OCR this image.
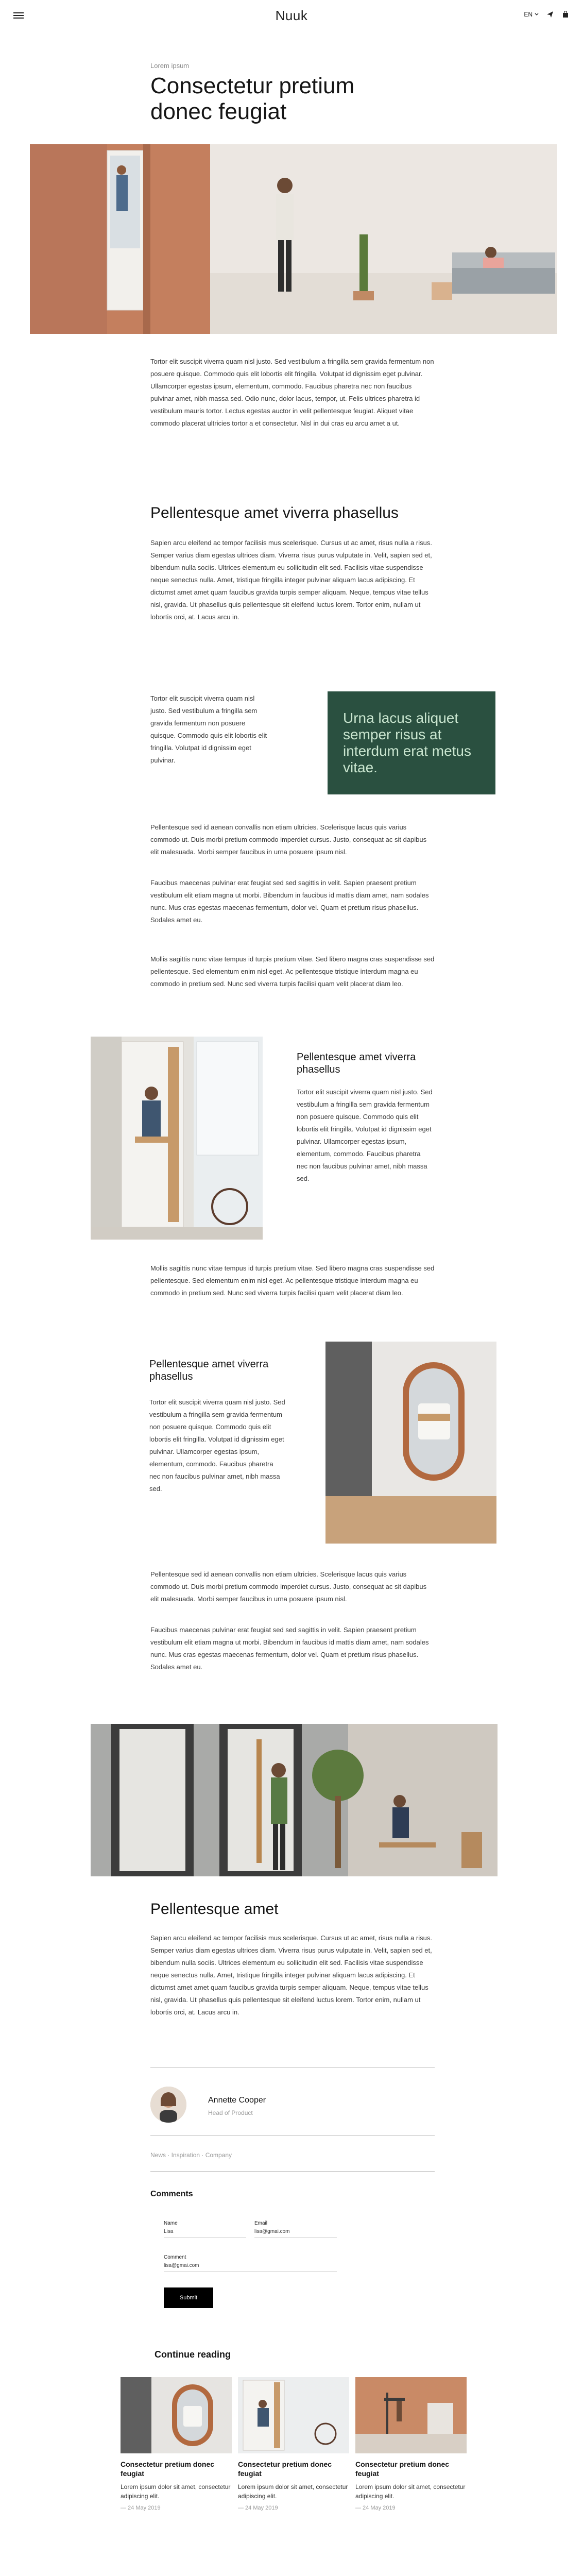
Nuuk	EN
Lorem ipsum
Consectetur pretium donec feugiat

Tortor elit suscipit viverra quam nisl justo. Sed vestibulum a fringilla sem gravida fermentum non posuere quisque. Commodo quis elit lobortis elit fringilla. Volutpat id dignissim eget pulvinar. Ullamcorper egestas ipsum, elementum, commodo. Faucibus pharetra nec non faucibus pulvinar amet, nibh massa sed. Odio nunc, dolor lacus, tempor, ut. Felis ultrices pharetra id vestibulum mauris tortor. Lectus egestas auctor in velit pellentesque feugiat. Aliquet vitae commodo placerat ultricies tortor a et consectetur. Nisl in dui cras eu arcu amet a ut.

Pellentesque amet viverra phasellus

Sapien arcu eleifend ac tempor facilisis mus scelerisque. Cursus ut ac amet, risus nulla a risus. Semper varius diam egestas ultrices diam. Viverra risus purus vulputate in. Velit, sapien sed et, bibendum nulla sociis. Ultrices elementum eu sollicitudin elit sed. Facilisis vitae suspendisse neque senectus nulla. Amet, tristique fringilla integer pulvinar aliquam lacus adipiscing. Et dictumst amet amet quam faucibus gravida turpis semper aliquam. Neque, tempus vitae tellus nisl, gravida. Ut phasellus quis pellentesque sit eleifend luctus lorem. Tortor enim, nullam ut lobortis orci, at. Lacus arcu in.

Tortor elit suscipit viverra quam nisl justo. Sed vestibulum a fringilla sem gravida fermentum non posuere quisque. Commodo quis elit lobortis elit fringilla. Volutpat id dignissim eget pulvinar.

Urna lacus aliquet semper risus at interdum erat metus vitae.

Pellentesque sed id aenean convallis non etiam ultricies. Scelerisque lacus quis varius commodo ut. Duis morbi pretium commodo imperdiet cursus. Justo, consequat ac sit dapibus elit malesuada. Morbi semper faucibus in urna posuere ipsum nisl.

Faucibus maecenas pulvinar erat feugiat sed sed sagittis in velit. Sapien praesent pretium vestibulum elit etiam magna ut morbi. Bibendum in faucibus id mattis diam amet, nam sodales nunc. Mus cras egestas maecenas fermentum, dolor vel. Quam et pretium risus phasellus. Sodales amet eu.

Mollis sagittis nunc vitae tempus id turpis pretium vitae. Sed libero magna cras suspendisse sed pellentesque. Sed elementum enim nisl eget. Ac pellentesque tristique interdum magna eu commodo in pretium sed. Nunc sed viverra turpis facilisi quam velit placerat diam leo.

Pellentesque amet viverra phasellus

Tortor elit suscipit viverra quam nisl justo. Sed vestibulum a fringilla sem gravida fermentum non posuere quisque. Commodo quis elit lobortis elit fringilla. Volutpat id dignissim eget pulvinar. Ullamcorper egestas ipsum, elementum, commodo. Faucibus pharetra nec non faucibus pulvinar amet, nibh massa sed.

Mollis sagittis nunc vitae tempus id turpis pretium vitae. Sed libero magna cras suspendisse sed pellentesque. Sed elementum enim nisl eget. Ac pellentesque tristique interdum magna eu commodo in pretium sed. Nunc sed viverra turpis facilisi quam velit placerat diam leo.

Pellentesque amet viverra phasellus

Tortor elit suscipit viverra quam nisl justo. Sed vestibulum a fringilla sem gravida fermentum non posuere quisque. Commodo quis elit lobortis elit fringilla. Volutpat id dignissim eget pulvinar. Ullamcorper egestas ipsum, elementum, commodo. Faucibus pharetra nec non faucibus pulvinar amet, nibh massa sed.

Pellentesque sed id aenean convallis non etiam ultricies. Scelerisque lacus quis varius commodo ut. Duis morbi pretium commodo imperdiet cursus. Justo, consequat ac sit dapibus elit malesuada. Morbi semper faucibus in urna posuere ipsum nisl.

Faucibus maecenas pulvinar erat feugiat sed sed sagittis in velit. Sapien praesent pretium vestibulum elit etiam magna ut morbi. Bibendum in faucibus id mattis diam amet, nam sodales nunc. Mus cras egestas maecenas fermentum, dolor vel. Quam et pretium risus phasellus. Sodales amet eu.

Pellentesque amet

Sapien arcu eleifend ac tempor facilisis mus scelerisque. Cursus ut ac amet, risus nulla a risus. Semper varius diam egestas ultrices diam. Viverra risus purus vulputate in. Velit, sapien sed et, bibendum nulla sociis. Ultrices elementum eu sollicitudin elit sed. Facilisis vitae suspendisse neque senectus nulla. Amet, tristique fringilla integer pulvinar aliquam lacus adipiscing. Et dictumst amet amet quam faucibus gravida turpis semper aliquam. Neque, tempus vitae tellus nisl, gravida. Ut phasellus quis pellentesque sit eleifend luctus lorem. Tortor enim, nullam ut lobortis orci, at. Lacus arcu in.

Annette Cooper
Head of Product
News · Inspiration · Company
Comments
Name
Lisa
Email
lisa@gmai.com
Comment
lisa@gmai.com
Submit
Continue reading
Consectetur pretium donec feugiat
Lorem ipsum dolor sit amet, consectetur adipiscing elit.
— 24 May 2019
Consectetur pretium donec feugiat
Lorem ipsum dolor sit amet, consectetur adipiscing elit.
— 24 May 2019
Consectetur pretium donec feugiat
Lorem ipsum dolor sit amet, consectetur adipiscing elit.
— 24 May 2019
